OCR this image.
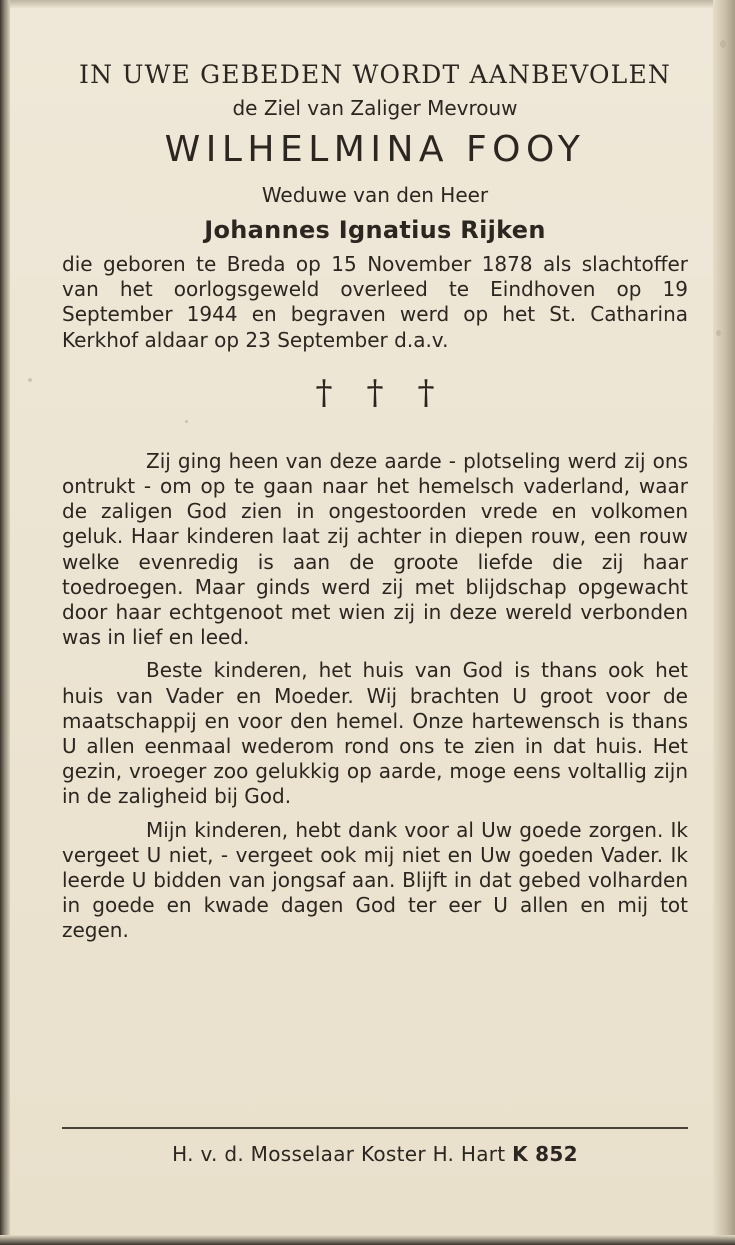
IN UWE GEBEDEN WORDT AANBEVOLEN

de Ziel van Zaliger Mevrouw

WILHELMINA FOOY

Weduwe van den Heer

Johannes Ignatius Rijken

die geboren te Breda op 15 November 1878 als slachtoffer van het oorlogsgeweld overleed te Eindhoven op 19 September 1944 en begraven werd op het St. Catharina Kerkhof aldaar op 23 September d.a.v.

† † †

Zij ging heen van deze aarde - plotseling werd zij ons ontrukt - om op te gaan naar het hemelsch vaderland, waar de zaligen God zien in ongestoorden vrede en volkomen geluk. Haar kinderen laat zij achter in diepen rouw, een rouw welke evenredig is aan de groote liefde die zij haar toedroegen. Maar ginds werd zij met blijdschap opgewacht door haar echtgenoot met wien zij in deze wereld verbonden was in lief en leed.

Beste kinderen, het huis van God is thans ook het huis van Vader en Moeder. Wij brachten U groot voor de maatschappij en voor den hemel. Onze hartewensch is thans U allen eenmaal wederom rond ons te zien in dat huis. Het gezin, vroeger zoo gelukkig op aarde, moge eens voltallig zijn in de zaligheid bij God.

Mijn kinderen, hebt dank voor al Uw goede zorgen. Ik vergeet U niet, - vergeet ook mij niet en Uw goeden Vader. Ik leerde U bidden van jongsaf aan. Blijft in dat gebed volharden in goede en kwade dagen God ter eer U allen en mij tot zegen.

H. v. d. Mosselaar Koster H. Hart K 852
